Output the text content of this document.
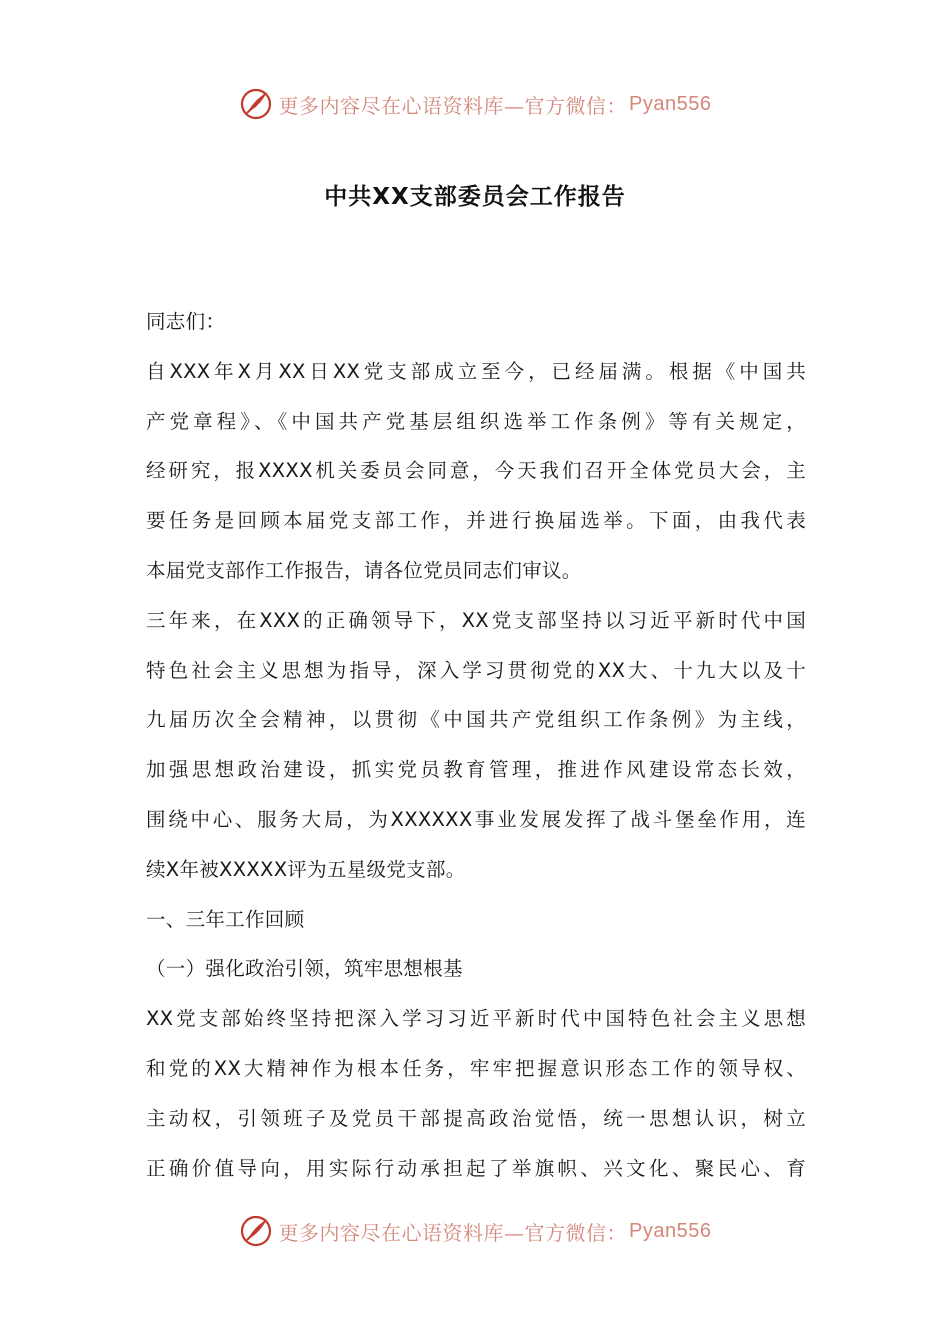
更多内容尽在心语资料库—官方微信： Pyan556
中共XX支部委员会工作报告
同志们：
自XXX年X月XX日XX党支部成立至今，已经届满。根据《中国共
产党章程》、《中国共产党基层组织选举工作条例》等有关规定，
经研究，报XXXX机关委员会同意，今天我们召开全体党员大会，主
要任务是回顾本届党支部工作，并进行换届选举。下面，由我代表
本届党支部作工作报告，请各位党员同志们审议。
三年来，在XXX的正确领导下，XX党支部坚持以习近平新时代中国
特色社会主义思想为指导，深入学习贯彻党的XX大、十九大以及十
九届历次全会精神，以贯彻《中国共产党组织工作条例》为主线，
加强思想政治建设，抓实党员教育管理，推进作风建设常态长效，
围绕中心、服务大局，为XXXXXX事业发展发挥了战斗堡垒作用，连
续X年被XXXXX评为五星级党支部。
一、三年工作回顾
（一）强化政治引领，筑牢思想根基
XX党支部始终坚持把深入学习习近平新时代中国特色社会主义思想
和党的XX大精神作为根本任务，牢牢把握意识形态工作的领导权、
主动权，引领班子及党员干部提高政治觉悟，统一思想认识，树立
正确价值导向，用实际行动承担起了举旗帜、兴文化、聚民心、育
更多内容尽在心语资料库—官方微信： Pyan556
